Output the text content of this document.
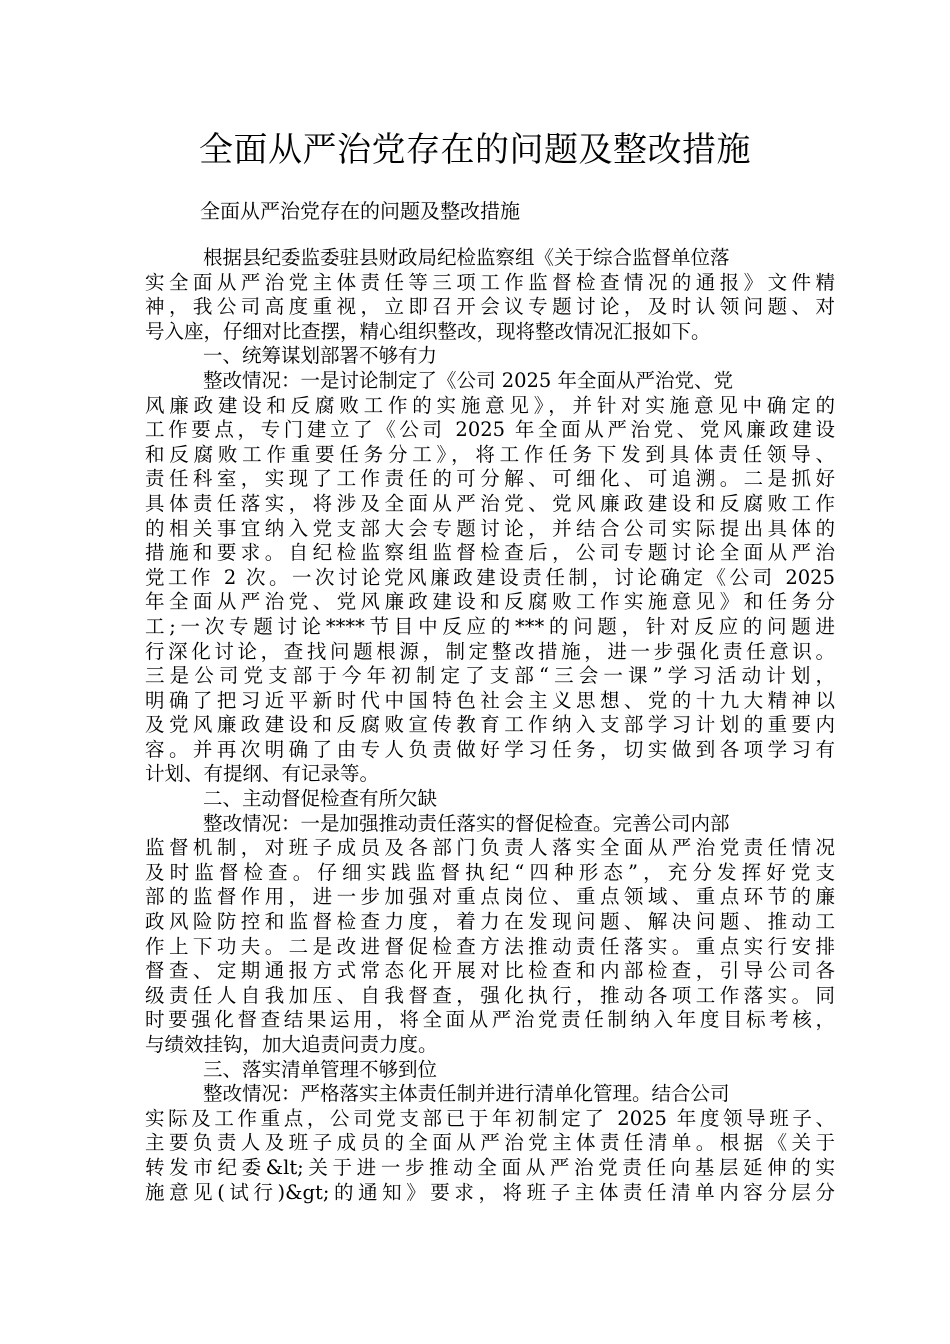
全面从严治党存在的问题及整改措施

全面从严治党存在的问题及整改措施

根据县纪委监委驻县财政局纪检监察组《关于综合监督单位落
实全面从严治党主体责任等三项工作监督检查情况的通报》文件精
神，我公司高度重视，立即召开会议专题讨论，及时认领问题、对
号入座，仔细对比查摆，精心组织整改，现将整改情况汇报如下。
一、统筹谋划部署不够有力
整改情况：一是讨论制定了《公司 2025 年全面从严治党、党
风廉政建设和反腐败工作的实施意见》，并针对实施意见中确定的
工作要点，专门建立了《公司 2025 年全面从严治党、党风廉政建设
和反腐败工作重要任务分工》，将工作任务下发到具体责任领导、
责任科室，实现了工作责任的可分解、可细化、可追溯。二是抓好
具体责任落实，将涉及全面从严治党、党风廉政建设和反腐败工作
的相关事宜纳入党支部大会专题讨论，并结合公司实际提出具体的
措施和要求。自纪检监察组监督检查后，公司专题讨论全面从严治
党工作 2 次。一次讨论党风廉政建设责任制，讨论确定《公司 2025
年全面从严治党、党风廉政建设和反腐败工作实施意见》和任务分
工;一次专题讨论****节目中反应的***的问题，针对反应的问题进
行深化讨论，查找问题根源，制定整改措施，进一步强化责任意识。
三是公司党支部于今年初制定了支部“三会一课”学习活动计划，
明确了把习近平新时代中国特色社会主义思想、党的十九大精神以
及党风廉政建设和反腐败宣传教育工作纳入支部学习计划的重要内
容。并再次明确了由专人负责做好学习任务，切实做到各项学习有
计划、有提纲、有记录等。
二、主动督促检查有所欠缺
整改情况：一是加强推动责任落实的督促检查。完善公司内部
监督机制，对班子成员及各部门负责人落实全面从严治党责任情况
及时监督检查。仔细实践监督执纪“四种形态”，充分发挥好党支
部的监督作用，进一步加强对重点岗位、重点领域、重点环节的廉
政风险防控和监督检查力度，着力在发现问题、解决问题、推动工
作上下功夫。二是改进督促检查方法推动责任落实。重点实行安排
督查、定期通报方式常态化开展对比检查和内部检查，引导公司各
级责任人自我加压、自我督查，强化执行，推动各项工作落实。同
时要强化督查结果运用，将全面从严治党责任制纳入年度目标考核，
与绩效挂钩，加大追责问责力度。
三、落实清单管理不够到位
整改情况：严格落实主体责任制并进行清单化管理。结合公司
实际及工作重点，公司党支部已于年初制定了 2025 年度领导班子、
主要负责人及班子成员的全面从严治党主体责任清单。根据《关于
转发市纪委&lt;关于进一步推动全面从严治党责任向基层延伸的实
施意见(试行)&gt;的通知》要求，将班子主体责任清单内容分层分
